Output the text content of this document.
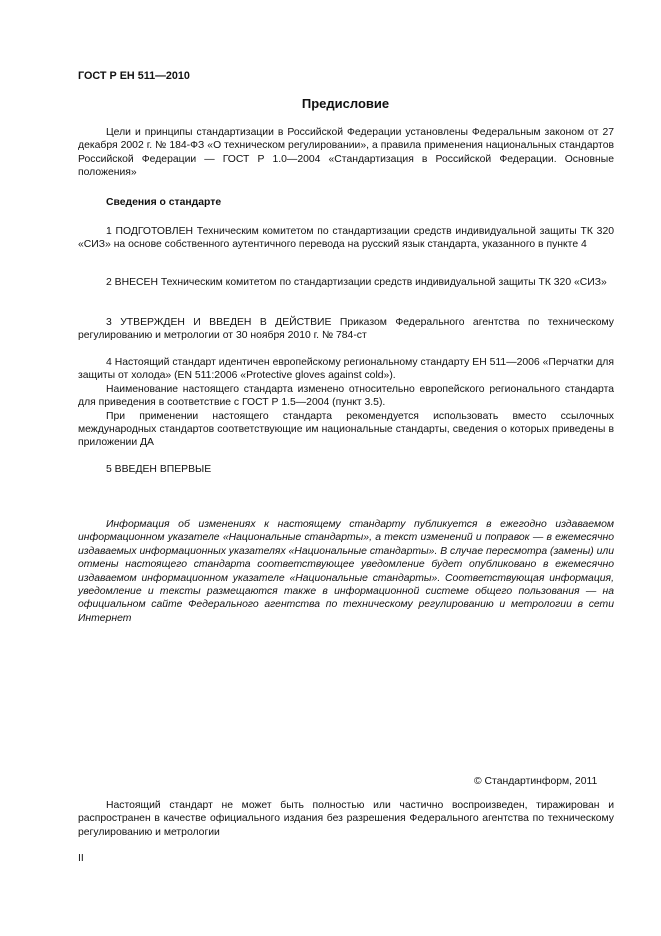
ГОСТ Р ЕН 511—2010
Предисловие

Цели и принципы стандартизации в Российской Федерации установлены Федеральным законом от 27 декабря 2002 г. № 184-ФЗ «О техническом регулировании», а правила применения национальных стандартов Российской Федерации — ГОСТ Р 1.0—2004 «Стандартизация в Российской Федерации. Основные положения»

Сведения о стандарте

1 ПОДГОТОВЛЕН Техническим комитетом по стандартизации средств индивидуальной защиты ТК 320 «СИЗ» на основе собственного аутентичного перевода на русский язык стандарта, указанного в пункте 4

2 ВНЕСЕН Техническим комитетом по стандартизации средств индивидуальной защиты ТК 320 «СИЗ»

3 УТВЕРЖДЕН И ВВЕДЕН В ДЕЙСТВИЕ Приказом Федерального агентства по техническому регулированию и метрологии от 30 ноября 2010 г. № 784-ст

4 Настоящий стандарт идентичен европейскому региональному стандарту ЕН 511—2006 «Перчатки для защиты от холода» (EN 511:2006 «Protective gloves against cold»).

Наименование настоящего стандарта изменено относительно европейского регионального стандарта для приведения в соответствие с ГОСТ Р 1.5—2004 (пункт 3.5).

При применении настоящего стандарта рекомендуется использовать вместо ссылочных международных стандартов соответствующие им национальные стандарты, сведения о которых приведены в приложении ДА

5 ВВЕДЕН ВПЕРВЫЕ

Информация об изменениях к настоящему стандарту публикуется в ежегодно издаваемом информационном указателе «Национальные стандарты», а текст изменений и поправок — в ежемесячно издаваемых информационных указателях «Национальные стандарты». В случае пересмотра (замены) или отмены настоящего стандарта соответствующее уведомление будет опубликовано в ежемесячно издаваемом информационном указателе «Национальные стандарты». Соответствующая информация, уведомление и тексты размещаются также в информационной системе общего пользования — на официальном сайте Федерального агентства по техническому регулированию и метрологии в сети Интернет

© Стандартинформ, 2011

Настоящий стандарт не может быть полностью или частично воспроизведен, тиражирован и распространен в качестве официального издания без разрешения Федерального агентства по техническому регулированию и метрологии

II
